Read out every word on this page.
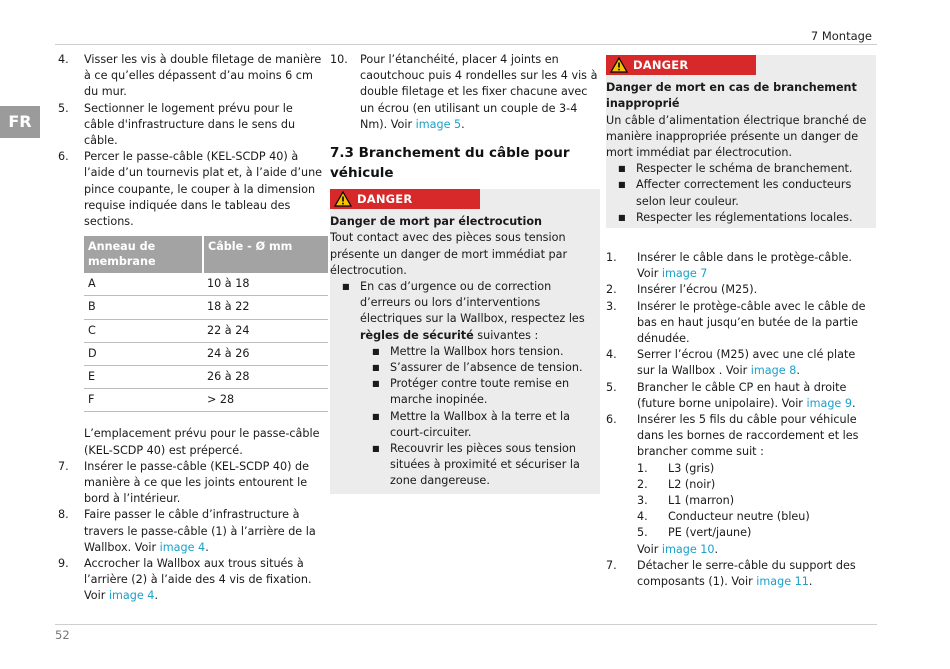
7 Montage
FR
4. Visser les vis à double filetage de manière à ce qu’elles dépassent d’au moins 6 cm du mur.
5. Sectionner le logement prévu pour le câble d'infrastructure dans le sens du câble.
6. Percer le passe-câble (KEL-SCDP 40) à l’aide d’un tournevis plat et, à l’aide d’une pince coupante, le couper à la dimension requise indiquée dans le tableau des sections.
Anneau de membrane	Câble - Ø mm
A	10 à 18
B	18 à 22
C	22 à 24
D	24 à 26
E	26 à 28
F	> 28
L’emplacement prévu pour le passe-câble (KEL-SCDP 40) est prépercé.
7. Insérer le passe-câble (KEL-SCDP 40) de manière à ce que les joints entourent le bord à l’intérieur.
8. Faire passer le câble d’infrastructure à travers le passe-câble (1) à l’arrière de la Wallbox. Voir image 4.
9. Accrocher la Wallbox aux trous situés à l’arrière (2) à l’aide des 4 vis de fixation. Voir image 4.
10. Pour l’étanchéité, placer 4 joints en caoutchouc puis 4 rondelles sur les 4 vis à double filetage et les fixer chacune avec un écrou (en utilisant un couple de 3-4 Nm). Voir image 5.
7.3 Branchement du câble pour véhicule
DANGER
Danger de mort par électrocution
Tout contact avec des pièces sous tension présente un danger de mort immédiat par électrocution.
■ En cas d’urgence ou de correction d’erreurs ou lors d’interventions électriques sur la Wallbox, respectez les règles de sécurité suivantes :
■ Mettre la Wallbox hors tension.
■ S’assurer de l’absence de tension.
■ Protéger contre toute remise en marche inopinée.
■ Mettre la Wallbox à la terre et la court-circuiter.
■ Recouvrir les pièces sous tension situées à proximité et sécuriser la zone dangereuse.
DANGER
Danger de mort en cas de branchement inapproprié
Un câble d’alimentation électrique branché de manière inappropriée présente un danger de mort immédiat par électrocution.
■ Respecter le schéma de branchement.
■ Affecter correctement les conducteurs selon leur couleur.
■ Respecter les réglementations locales.
1. Insérer le câble dans le protège-câble. Voir image 7
2. Insérer l’écrou (M25).
3. Insérer le protège-câble avec le câble de bas en haut jusqu’en butée de la partie dénudée.
4. Serrer l’écrou (M25) avec une clé plate sur la Wallbox . Voir image 8.
5. Brancher le câble CP en haut à droite (future borne unipolaire). Voir image 9.
6. Insérer les 5 fils du câble pour véhicule dans les bornes de raccordement et les brancher comme suit :
1. L3 (gris)
2. L2 (noir)
3. L1 (marron)
4. Conducteur neutre (bleu)
5. PE (vert/jaune)
Voir image 10.
7. Détacher le serre-câble du support des composants (1). Voir image 11.
52
